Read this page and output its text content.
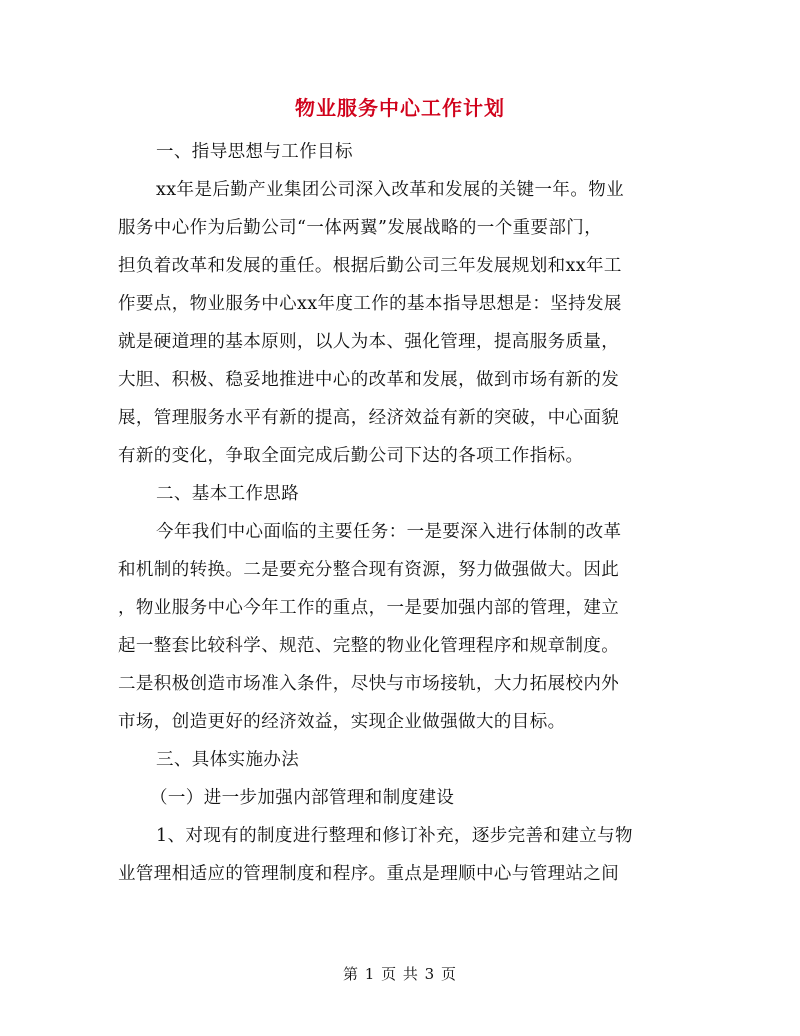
物业服务中心工作计划
一、指导思想与工作目标
xx年是后勤产业集团公司深入改革和发展的关键一年。物业
服务中心作为后勤公司“一体两翼”发展战略的一个重要部门，
担负着改革和发展的重任。根据后勤公司三年发展规划和xx年工
作要点，物业服务中心xx年度工作的基本指导思想是：坚持发展
就是硬道理的基本原则，以人为本、强化管理，提高服务质量，
大胆、积极、稳妥地推进中心的改革和发展，做到市场有新的发
展，管理服务水平有新的提高，经济效益有新的突破，中心面貌
有新的变化，争取全面完成后勤公司下达的各项工作指标。
二、基本工作思路
今年我们中心面临的主要任务：一是要深入进行体制的改革
和机制的转换。二是要充分整合现有资源，努力做强做大。因此
，物业服务中心今年工作的重点，一是要加强内部的管理，建立
起一整套比较科学、规范、完整的物业化管理程序和规章制度。
二是积极创造市场准入条件，尽快与市场接轨，大力拓展校内外
市场，创造更好的经济效益，实现企业做强做大的目标。
三、具体实施办法
（一）进一步加强内部管理和制度建设
1、对现有的制度进行整理和修订补充，逐步完善和建立与物
业管理相适应的管理制度和程序。重点是理顺中心与管理站之间
第 1 页 共 3 页
